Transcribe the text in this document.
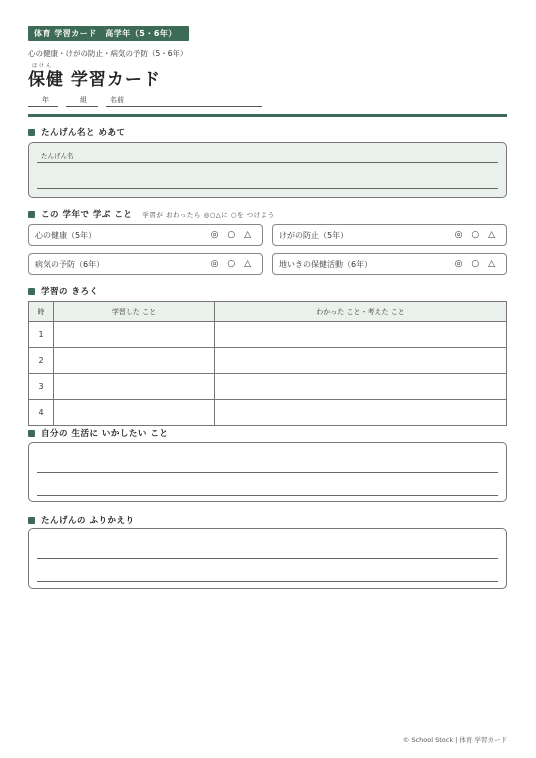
体育 学習カード　高学年（5・6年）
心の健康・けがの防止・病気の予防（5・6年）
ほけん
保健 学習カード
年	組	名前
たんげん名と めあて
たんげん名
この 学年で 学ぶ こと 学習が おわったら ◎○△に ○を つけよう
心の健康（5年）	◎ ○ △	けがの防止（5年）	◎ ○ △
病気の予防（6年）	◎ ○ △	地いきの保健活動（6年）	◎ ○ △
学習の きろく
時	学習した こと	わかった こと・考えた こと
1		
2		
3		
4		
自分の 生活に いかしたい こと
たんげんの ふりかえり
© School Stock | 体育 学習カード
